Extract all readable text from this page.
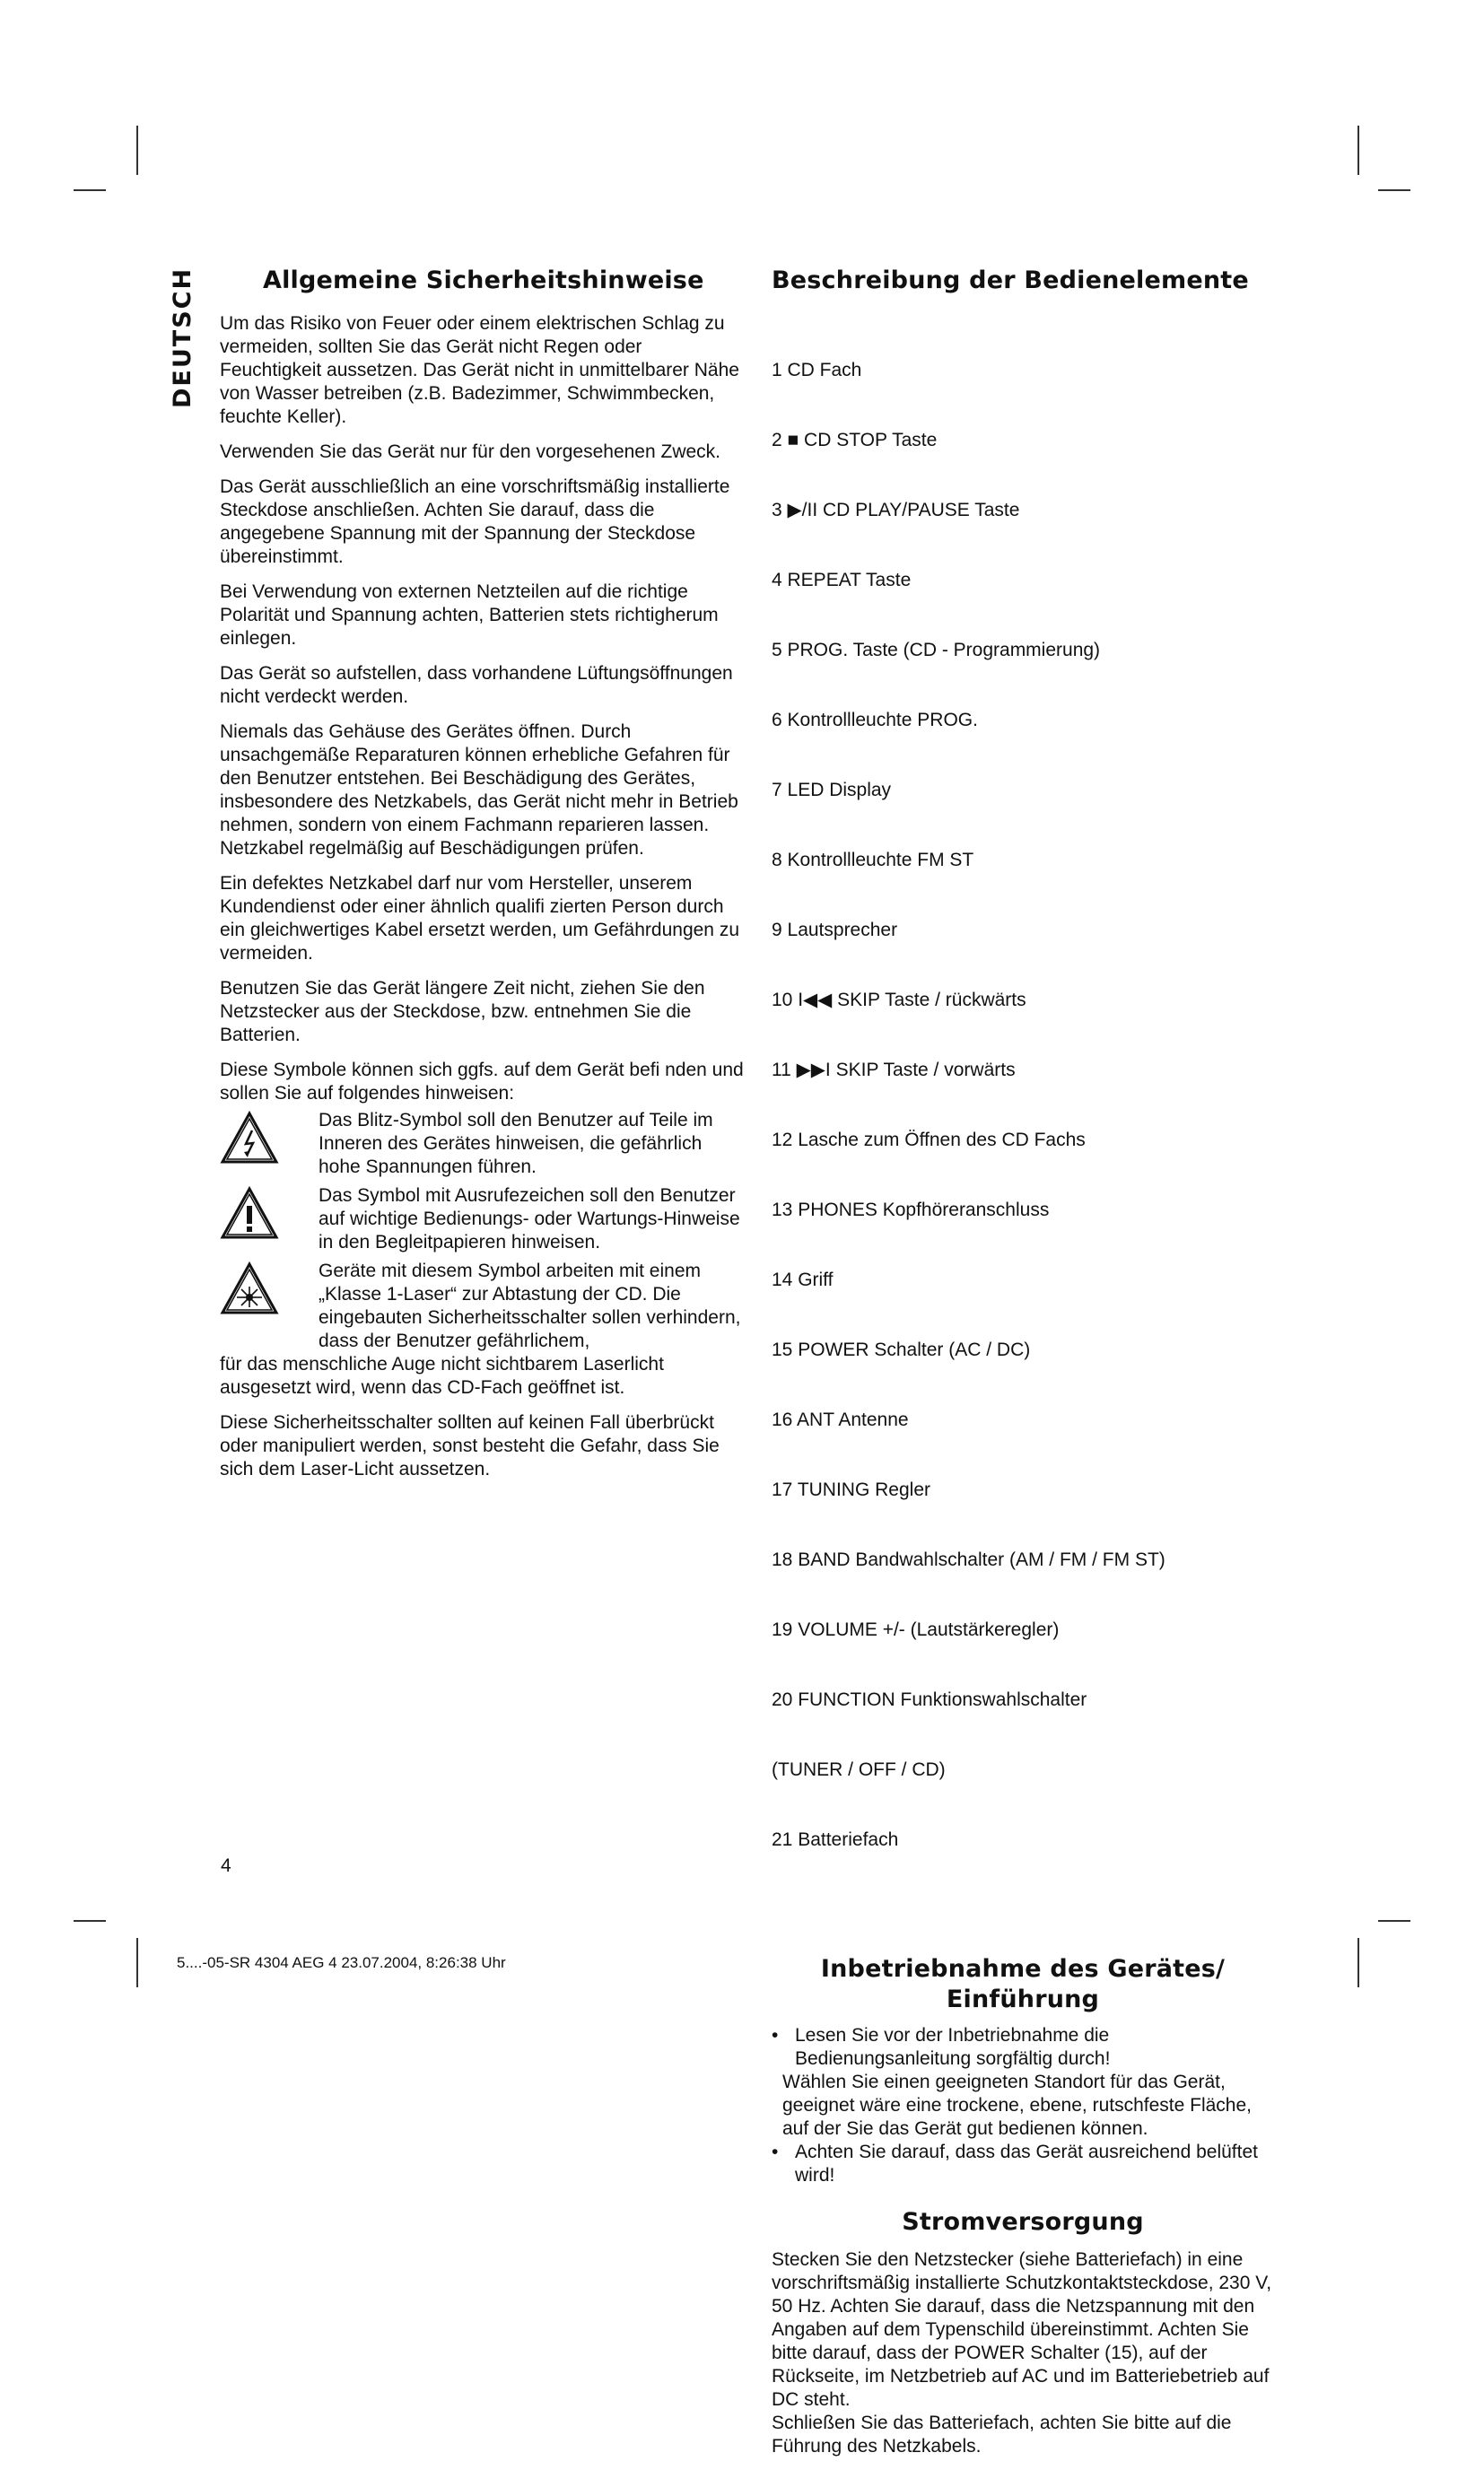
DEUTSCH	Allgemeine Sicherheitshinweise

Um das Risiko von Feuer oder einem elektrischen Schlag zu vermeiden, sollten Sie das Gerät nicht Regen oder Feuchtigkeit aussetzen. Das Gerät nicht in unmittelbarer Nähe von Wasser betreiben (z.B. Badezimmer, Schwimmbecken, feuchte Keller).

Verwenden Sie das Gerät nur für den vorgesehenen Zweck.

Das Gerät ausschließlich an eine vorschriftsmäßig installierte Steckdose anschließen. Achten Sie darauf, dass die angegebene Spannung mit der Spannung der Steckdose übereinstimmt.

Bei Verwendung von externen Netzteilen auf die richtige Polarität und Spannung achten, Batterien stets richtigherum einlegen.

Das Gerät so aufstellen, dass vorhandene Lüftungsöffnungen nicht verdeckt werden.

Niemals das Gehäuse des Gerätes öffnen. Durch unsachgemäße Reparaturen können erhebliche Gefahren für den Benutzer entstehen. Bei Beschädigung des Gerätes, insbesondere des Netzkabels, das Gerät nicht mehr in Betrieb nehmen, sondern von einem Fachmann reparieren lassen. Netzkabel regelmäßig auf Beschädigungen prüfen.

Ein defektes Netzkabel darf nur vom Hersteller, unserem Kundendienst oder einer ähnlich qualifi zierten Person durch ein gleichwertiges Kabel ersetzt werden, um Gefährdungen zu vermeiden.

Benutzen Sie das Gerät längere Zeit nicht, ziehen Sie den Netzstecker aus der Steckdose, bzw. entnehmen Sie die Batterien.

Diese Symbole können sich ggfs. auf dem Gerät befi nden und sollen Sie auf folgendes hinweisen:

Das Blitz-Symbol soll den Benutzer auf Teile im Inneren des Gerätes hinweisen, die gefährlich hohe Spannungen führen.
Das Symbol mit Ausrufezeichen soll den Benutzer auf wichtige Bedienungs- oder Wartungs-Hinweise in den Begleitpapieren hinweisen.
Geräte mit diesem Symbol arbeiten mit einem „Klasse 1-Laser“ zur Abtastung der CD. Die eingebauten Sicherheitsschalter sollen verhindern, dass der Benutzer gefährlichem,

für das menschliche Auge nicht sichtbarem Laserlicht ausgesetzt wird, wenn das CD-Fach geöffnet ist.

Diese Sicherheitsschalter sollten auf keinen Fall überbrückt oder manipuliert werden, sonst besteht die Gefahr, dass Sie sich dem Laser-Licht aussetzen.

Beschreibung der Bedienelemente

1 CD Fach

2 ■ CD STOP Taste

3 ▶/II CD PLAY/PAUSE Taste

4 REPEAT Taste

5 PROG. Taste (CD - Programmierung)

6 Kontrollleuchte PROG.

7 LED Display

8 Kontrollleuchte FM ST

9 Lautsprecher

10 I◀◀ SKIP Taste / rückwärts

11 ▶▶I SKIP Taste / vorwärts

12 Lasche zum Öffnen des CD Fachs

13 PHONES Kopfhöreranschluss

14 Griff

15 POWER Schalter (AC / DC)

16 ANT Antenne

17 TUNING Regler

18 BAND Bandwahlschalter (AM / FM / FM ST)

19 VOLUME +/- (Lautstärkeregler)

20 FUNCTION Funktionswahlschalter

(TUNER / OFF / CD)

21 Batteriefach

Inbetriebnahme des Gerätes/
Einführung
• Lesen Sie vor der Inbetriebnahme die Bedienungsanleitung sorgfältig durch!
Wählen Sie einen geeigneten Standort für das Gerät, geeignet wäre eine trockene, ebene, rutschfeste Fläche, auf der Sie das Gerät gut bedienen können.
• Achten Sie darauf, dass das Gerät ausreichend belüftet wird!
Stromversorgung

Stecken Sie den Netzstecker (siehe Batteriefach) in eine vorschriftsmäßig installierte Schutzkontaktsteckdose, 230 V, 50 Hz. Achten Sie darauf, dass die Netzspannung mit den Angaben auf dem Typenschild übereinstimmt. Achten Sie bitte darauf, dass der POWER Schalter (15), auf der Rückseite, im Netzbetrieb auf AC und im Batteriebetrieb auf DC steht.

Schließen Sie das Batteriefach, achten Sie bitte auf die Führung des Netzkabels.

4
5....-05-SR 4304 AEG 4 23.07.2004, 8:26:38 Uhr
